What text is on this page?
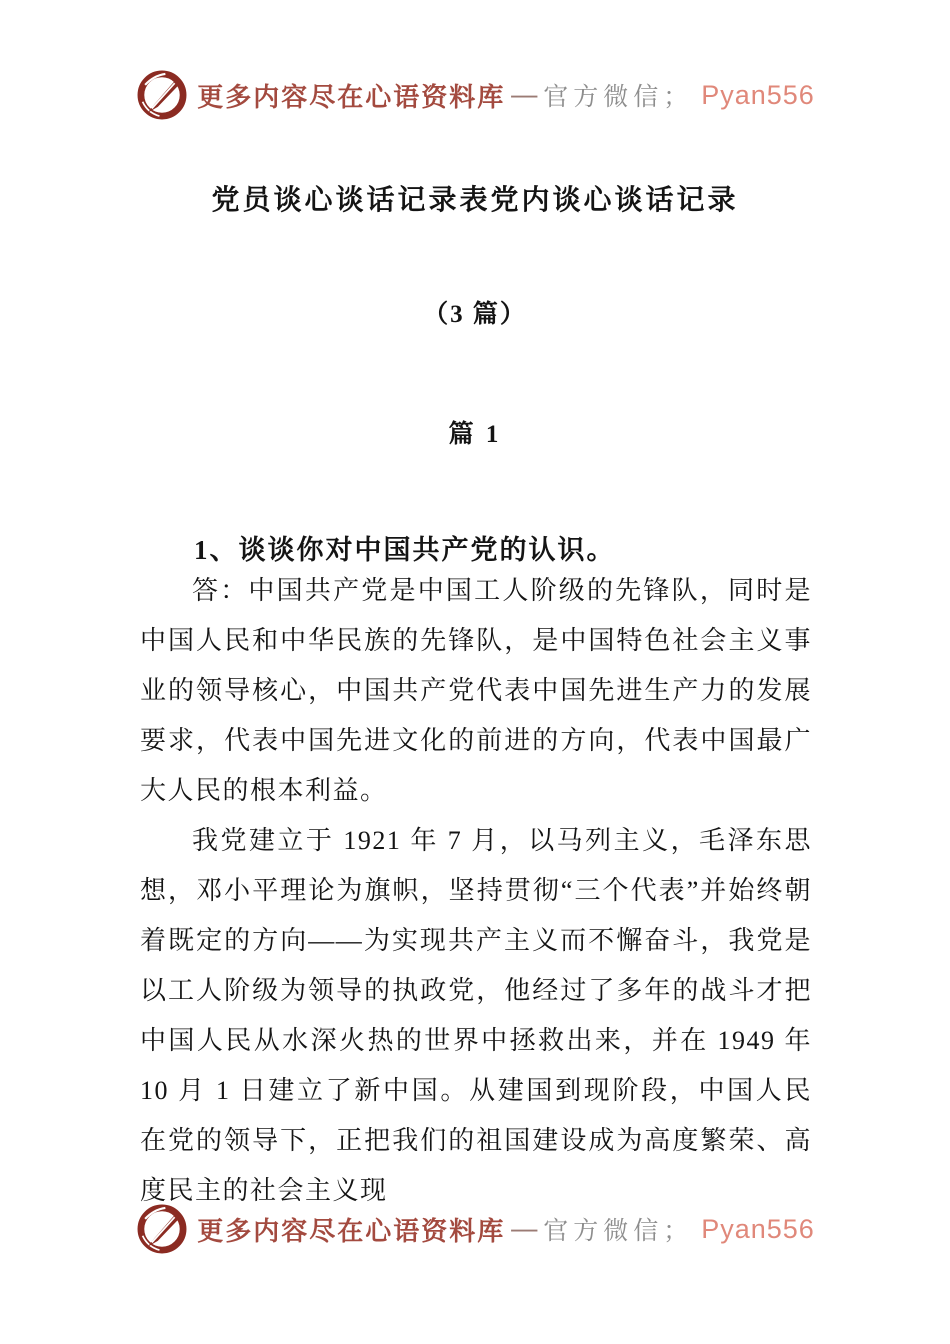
更多内容尽在心语资料库 — 官方微信； Pyan556
党员谈心谈话记录表党内谈心谈话记录
（3 篇）
篇 1
1、谈谈你对中国共产党的认识。

答：中国共产党是中国工人阶级的先锋队，同时是中国人民和中华民族的先锋队，是中国特色社会主义事业的领导核心，中国共产党代表中国先进生产力的发展要求，代表中国先进文化的前进的方向，代表中国最广大人民的根本利益。

我党建立于 1921 年 7 月，以马列主义，毛泽东思想，邓小平理论为旗帜，坚持贯彻“三个代表”并始终朝着既定的方向——为实现共产主义而不懈奋斗，我党是以工人阶级为领导的执政党，他经过了多年的战斗才把中国人民从水深火热的世界中拯救出来，并在 1949 年 10 月 1 日建立了新中国。从建国到现阶段，中国人民在党的领导下，正把我们的祖国建设成为高度繁荣、高度民主的社会主义现

更多内容尽在心语资料库 — 官方微信； Pyan556
